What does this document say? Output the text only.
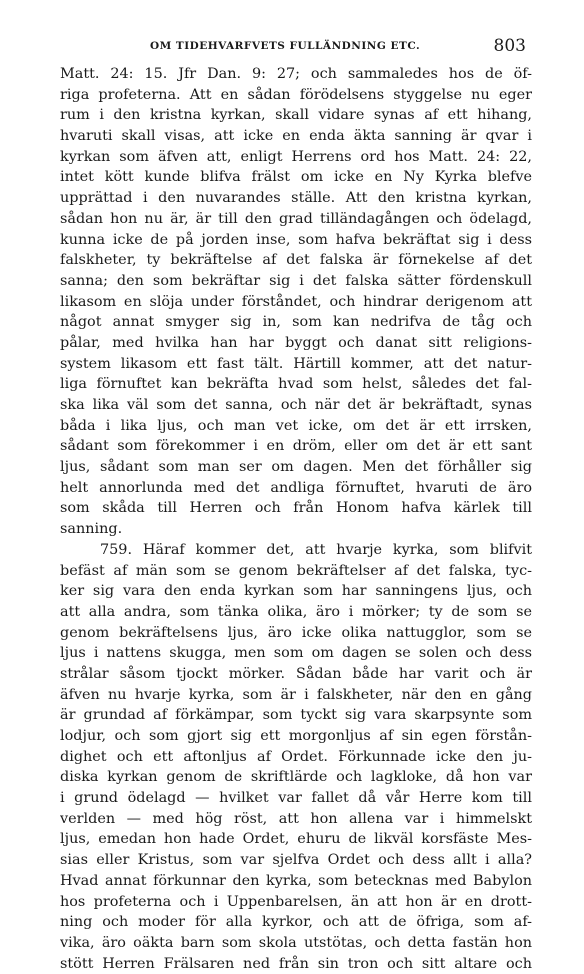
OM TIDEHVARFVETS FULLÄNDNING ETC.	803
Matt. 24: 15. Jfr Dan. 9: 27; och sammaledes hos de öf-
riga profeterna. Att en sådan förödelsens styggelse nu eger
rum i den kristna kyrkan, skall vidare synas af ett hihang,
hvaruti skall visas, att icke en enda äkta sanning är qvar i
kyrkan som äfven att, enligt Herrens ord hos Matt. 24: 22,
intet kött kunde blifva frälst om icke en Ny Kyrka blefve
upprättad i den nuvarandes ställe. Att den kristna kyrkan,
sådan hon nu är, är till den grad tilländagången och ödelagd,
kunna icke de på jorden inse, som hafva bekräftat sig i dess
falskheter, ty bekräftelse af det falska är förnekelse af det
sanna; den som bekräftar sig i det falska sätter fördenskull
likasom en slöja under förståndet, och hindrar derigenom att
något annat smyger sig in, som kan nedrifva de tåg och
pålar, med hvilka han har byggt och danat sitt religions-
system likasom ett fast tält. Härtill kommer, att det natur-
liga förnuftet kan bekräfta hvad som helst, således det fal-
ska lika väl som det sanna, och när det är bekräftadt, synas
båda i lika ljus, och man vet icke, om det är ett irrsken,
sådant som förekommer i en dröm, eller om det är ett sant
ljus, sådant som man ser om dagen. Men det förhåller sig
helt annorlunda med det andliga förnuftet, hvaruti de äro
som skåda till Herren och från Honom hafva kärlek till
sanning.
759. Häraf kommer det, att hvarje kyrka, som blifvit
befäst af män som se genom bekräftelser af det falska, tyc-
ker sig vara den enda kyrkan som har sanningens ljus, och
att alla andra, som tänka olika, äro i mörker; ty de som se
genom bekräftelsens ljus, äro icke olika nattugglor, som se
ljus i nattens skugga, men som om dagen se solen och dess
strålar såsom tjockt mörker. Sådan både har varit och är
äfven nu hvarje kyrka, som är i falskheter, när den en gång
är grundad af förkämpar, som tyckt sig vara skarpsynte som
lodjur, och som gjort sig ett morgonljus af sin egen förstån-
dighet och ett aftonljus af Ordet. Förkunnade icke den ju-
diska kyrkan genom de skriftlärde och lagkloke, då hon var
i grund ödelagd — hvilket var fallet då vår Herre kom till
verlden — med hög röst, att hon allena var i himmelskt
ljus, emedan hon hade Ordet, ehuru de likväl korsfäste Mes-
sias eller Kristus, som var sjelfva Ordet och dess allt i alla?
Hvad annat förkunnar den kyrka, som betecknas med Babylon
hos profeterna och i Uppenbarelsen, än att hon är en drott-
ning och moder för alla kyrkor, och att de öfriga, som af-
vika, äro oäkta barn som skola utstötas, och detta fastän hon
stött Herren Frälsaren ned från sin tron och sitt altare och
